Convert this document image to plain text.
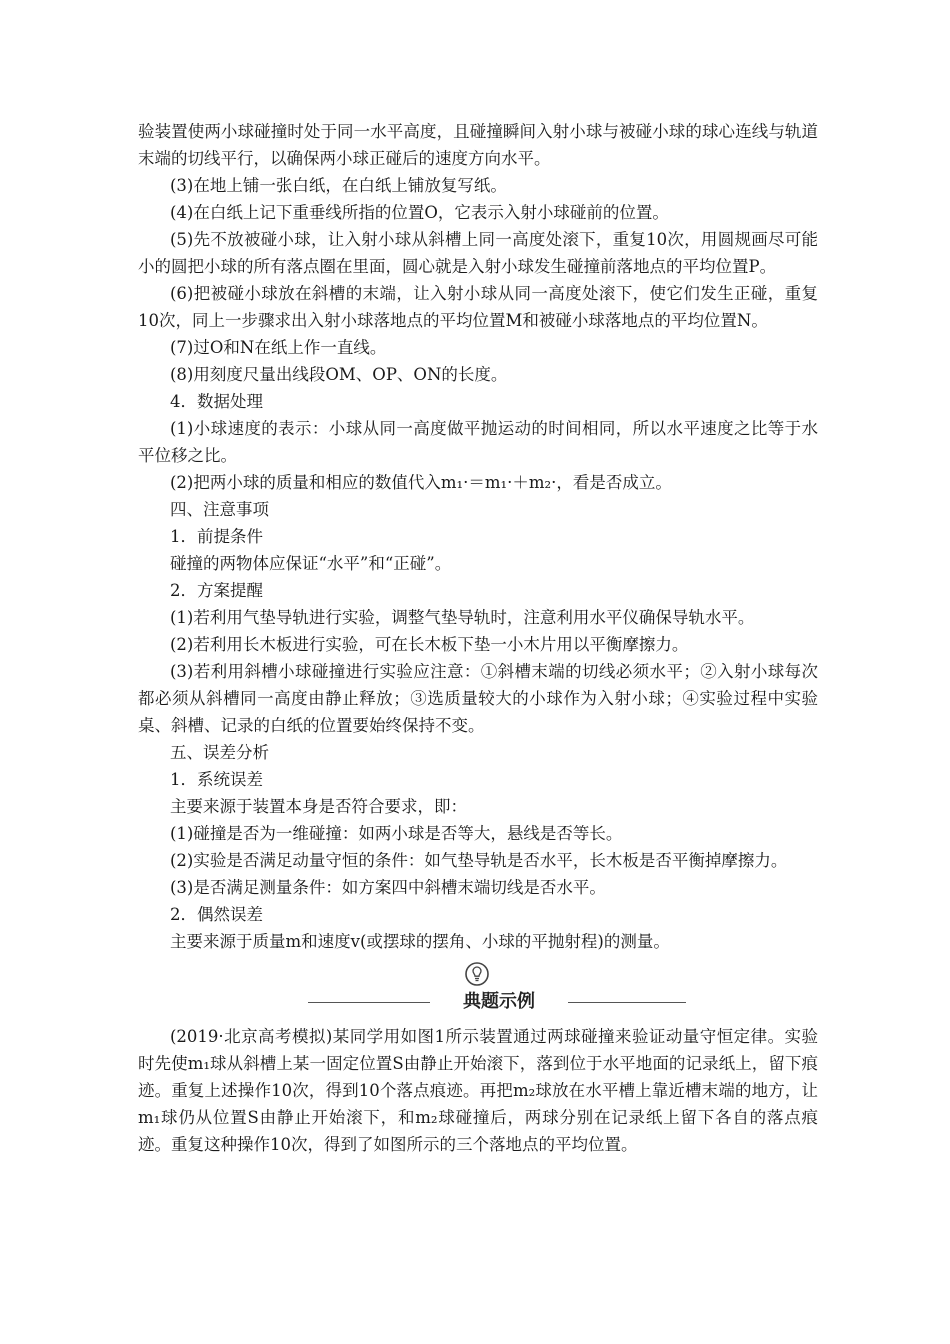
验装置使两小球碰撞时处于同一水平高度，且碰撞瞬间入射小球与被碰小球的球心连线与轨道末端的切线平行，以确保两小球正碰后的速度方向水平。

(3)在地上铺一张白纸，在白纸上铺放复写纸。

(4)在白纸上记下重垂线所指的位置O，它表示入射小球碰前的位置。

(5)先不放被碰小球，让入射小球从斜槽上同一高度处滚下，重复10次，用圆规画尽可能小的圆把小球的所有落点圈在里面，圆心就是入射小球发生碰撞前落地点的平均位置P。

(6)把被碰小球放在斜槽的末端，让入射小球从同一高度处滚下，使它们发生正碰，重复10次，同上一步骤求出入射小球落地点的平均位置M和被碰小球落地点的平均位置N。

(7)过O和N在纸上作一直线。

(8)用刻度尺量出线段OM、OP、ON的长度。

4．数据处理

(1)小球速度的表示：小球从同一高度做平抛运动的时间相同，所以水平速度之比等于水平位移之比。

(2)把两小球的质量和相应的数值代入m₁·＝m₁·＋m₂·，看是否成立。

四、注意事项

1．前提条件

碰撞的两物体应保证“水平”和“正碰”。

2．方案提醒

(1)若利用气垫导轨进行实验，调整气垫导轨时，注意利用水平仪确保导轨水平。

(2)若利用长木板进行实验，可在长木板下垫一小木片用以平衡摩擦力。

(3)若利用斜槽小球碰撞进行实验应注意：①斜槽末端的切线必须水平；②入射小球每次都必须从斜槽同一高度由静止释放；③选质量较大的小球作为入射小球；④实验过程中实验桌、斜槽、记录的白纸的位置要始终保持不变。

五、误差分析

1．系统误差

主要来源于装置本身是否符合要求，即：

(1)碰撞是否为一维碰撞：如两小球是否等大，悬线是否等长。

(2)实验是否满足动量守恒的条件：如气垫导轨是否水平，长木板是否平衡掉摩擦力。

(3)是否满足测量条件：如方案四中斜槽末端切线是否水平。

2．偶然误差

主要来源于质量m和速度v(或摆球的摆角、小球的平抛射程)的测量。

典题示例

(2019·北京高考模拟)某同学用如图1所示装置通过两球碰撞来验证动量守恒定律。实验时先使m₁球从斜槽上某一固定位置S由静止开始滚下，落到位于水平地面的记录纸上，留下痕迹。重复上述操作10次，得到10个落点痕迹。再把m₂球放在水平槽上靠近槽末端的地方，让m₁球仍从位置S由静止开始滚下，和m₂球碰撞后，两球分别在记录纸上留下各自的落点痕迹。重复这种操作10次，得到了如图所示的三个落地点的平均位置。
